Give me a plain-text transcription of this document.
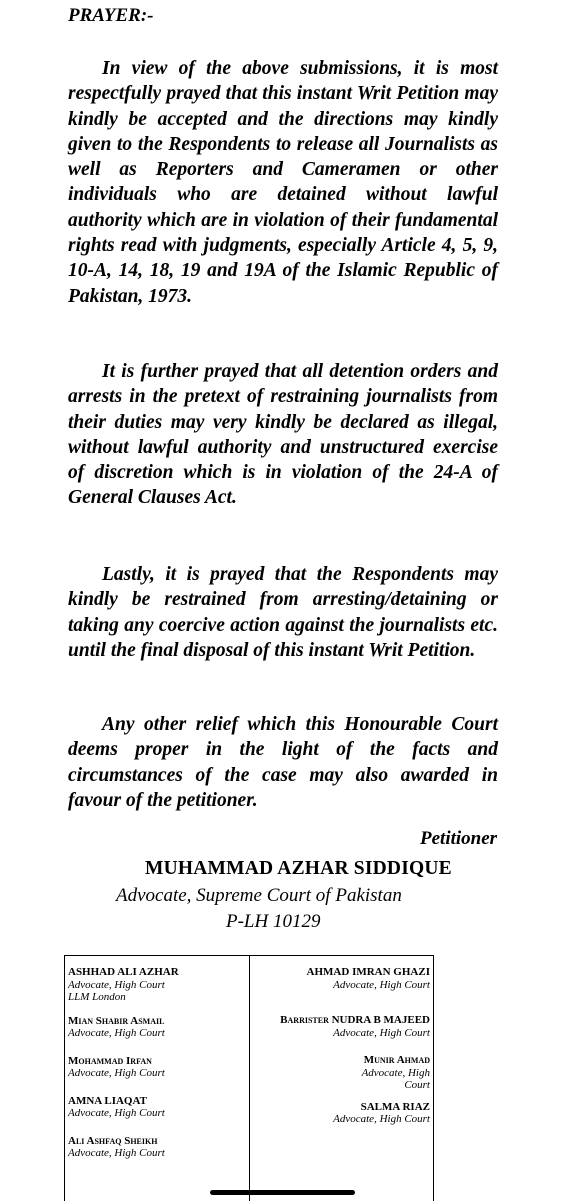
PRAYER:-

In view of the above submissions, it is most respectfully prayed that this instant Writ Petition may kindly be accepted and the directions may kindly given to the Respondents to release all Journalists as well as Reporters and Cameramen or other individuals who are detained without lawful authority which are in violation of their fundamental rights read with judgments, especially Article 4, 5, 9, 10-A, 14, 18, 19 and 19A of the Islamic Republic of Pakistan, 1973.

It is further prayed that all detention orders and arrests in the pretext of restraining journalists from their duties may very kindly be declared as illegal, without lawful authority and unstructured exercise of discretion which is in violation of the 24-A of General Clauses Act.

Lastly, it is prayed that the Respondents may kindly be restrained from arresting/detaining or taking any coercive action against the journalists etc. until the final disposal of this instant Writ Petition.

Any other relief which this Honourable Court deems proper in the light of the facts and circumstances of the case may also awarded in favour of the petitioner.

Petitioner
MUHAMMAD AZHAR SIDDIQUE
Advocate, Supreme Court of Pakistan
P-LH 10129
ASHHAD ALI AZHAR
Advocate, High Court
LLM London
Mian Shabir Asmail
Advocate, High Court
Mohammad Irfan
Advocate, High Court
AMNA LIAQAT
Advocate, High Court
Ali Ashfaq Sheikh
Advocate, High Court
AHMAD IMRAN GHAZI
Advocate, High Court
Barrister NUDRA B MAJEED
Advocate, High Court
Munir Ahmad
Advocate, High
Court
SALMA RIAZ
Advocate, High Court
